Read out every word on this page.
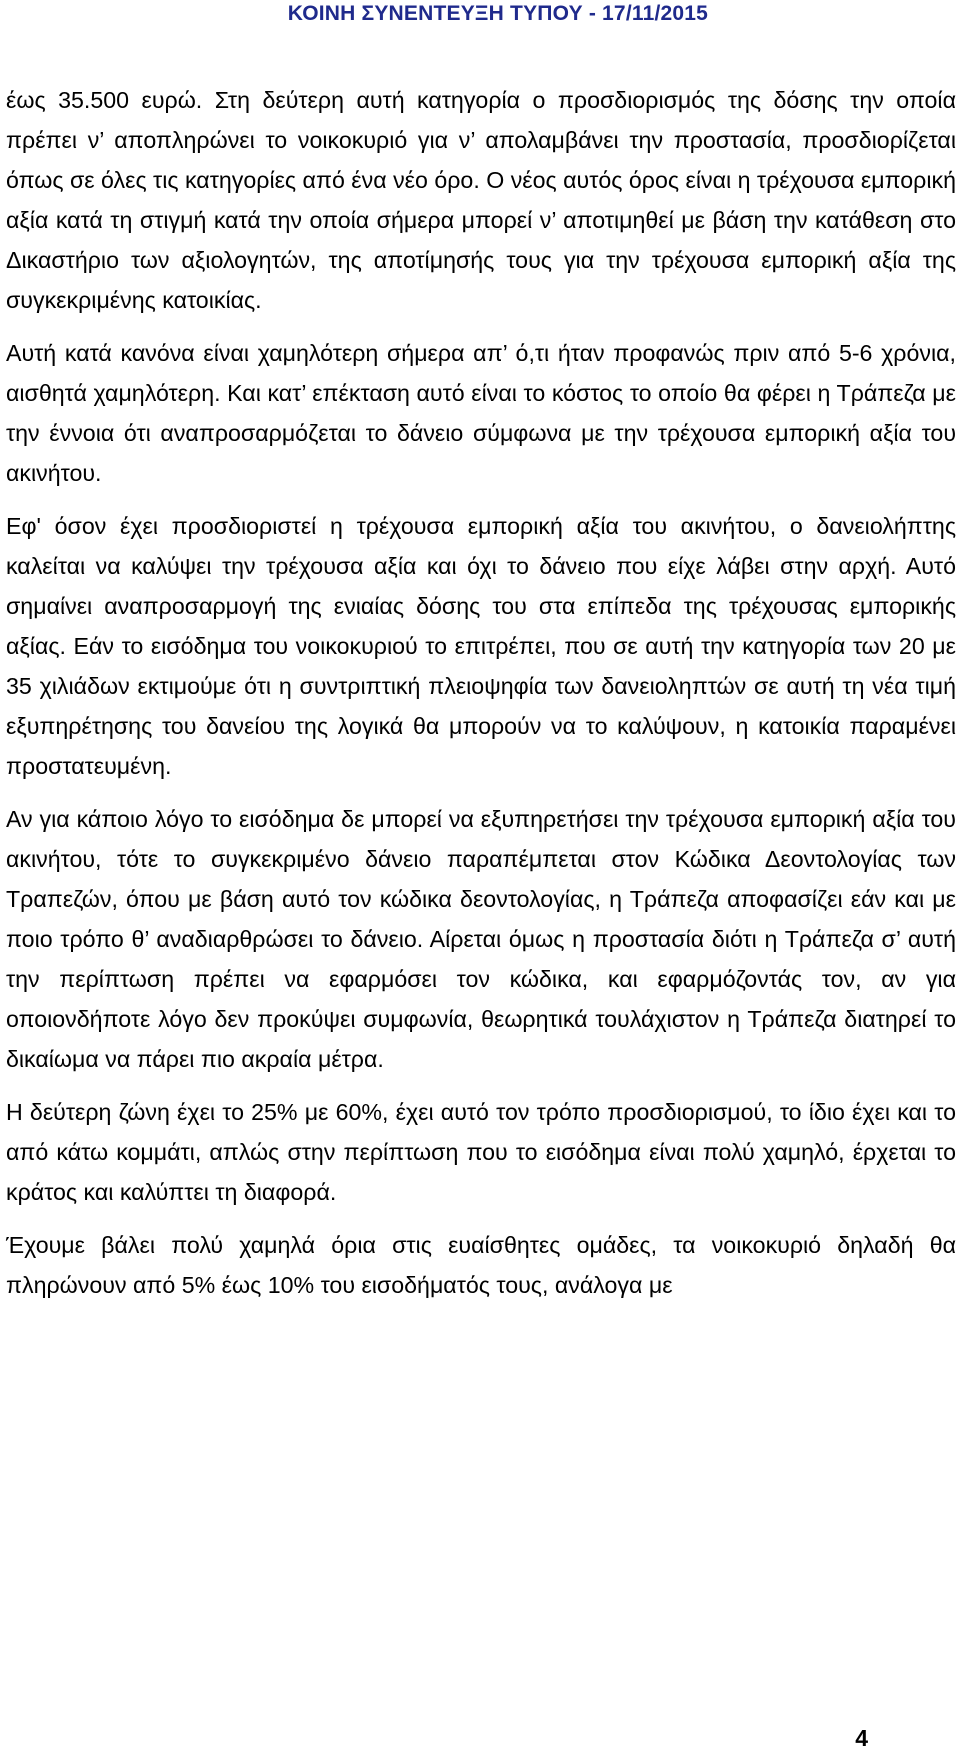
ΚΟΙΝΗ ΣΥΝΕΝΤΕΥΞΗ ΤΥΠΟΥ - 17/11/2015

έως 35.500 ευρώ. Στη δεύτερη αυτή κατηγορία ο προσδιορισμός της δόσης την οποία πρέπει ν’ αποπληρώνει το νοικοκυριό για ν’ απολαμβάνει την προστασία, προσδιορίζεται όπως σε όλες τις κατηγορίες από ένα νέο όρο. Ο νέος αυτός όρος είναι η τρέχουσα εμπορική αξία κατά τη στιγμή κατά την οποία σήμερα μπορεί ν’ αποτιμηθεί με βάση την κατάθεση στο Δικαστήριο των αξιολογητών, της αποτίμησής τους για την τρέχουσα εμπορική αξία της συγκεκριμένης κατοικίας.

Αυτή κατά κανόνα είναι χαμηλότερη σήμερα απ’ ό,τι ήταν προφανώς πριν από 5-6 χρόνια, αισθητά χαμηλότερη. Και κατ’ επέκταση αυτό είναι το κόστος το οποίο θα φέρει η Τράπεζα με την έννοια ότι αναπροσαρμόζεται το δάνειο σύμφωνα με την τρέχουσα εμπορική αξία του ακινήτου.

Εφ' όσον έχει προσδιοριστεί η τρέχουσα εμπορική αξία του ακινήτου, ο δανειολήπτης καλείται να καλύψει την τρέχουσα αξία και όχι το δάνειο που είχε λάβει στην αρχή. Αυτό σημαίνει αναπροσαρμογή της ενιαίας δόσης του στα επίπεδα της τρέχουσας εμπορικής αξίας. Εάν το εισόδημα του νοικοκυριού το επιτρέπει, που σε αυτή την κατηγορία των 20 με 35 χιλιάδων εκτιμούμε ότι η συντριπτική πλειοψηφία των δανειοληπτών σε αυτή τη νέα τιμή εξυπηρέτησης του δανείου της λογικά θα μπορούν να το καλύψουν, η κατοικία παραμένει προστατευμένη.

Αν για κάποιο λόγο το εισόδημα δε μπορεί να εξυπηρετήσει την τρέχουσα εμπορική αξία του ακινήτου, τότε το συγκεκριμένο δάνειο παραπέμπεται στον Κώδικα Δεοντολογίας των Τραπεζών, όπου με βάση αυτό τον κώδικα δεοντολογίας, η Τράπεζα αποφασίζει εάν και με ποιο τρόπο θ’ αναδιαρθρώσει το δάνειο. Αίρεται όμως η προστασία διότι η Τράπεζα σ’ αυτή την περίπτωση πρέπει να εφαρμόσει τον κώδικα, και εφαρμόζοντάς τον, αν για οποιονδήποτε λόγο δεν προκύψει συμφωνία, θεωρητικά τουλάχιστον η Τράπεζα διατηρεί το δικαίωμα να πάρει πιο ακραία μέτρα.

Η δεύτερη ζώνη έχει το 25% με 60%, έχει αυτό τον τρόπο προσδιορισμού, το ίδιο έχει και το από κάτω κομμάτι, απλώς στην περίπτωση που το εισόδημα είναι πολύ χαμηλό, έρχεται το κράτος και καλύπτει τη διαφορά.

Έχουμε βάλει πολύ χαμηλά όρια στις ευαίσθητες ομάδες, τα νοικοκυριό δηλαδή θα πληρώνουν από 5% έως 10% του εισοδήματός τους, ανάλογα με

4
